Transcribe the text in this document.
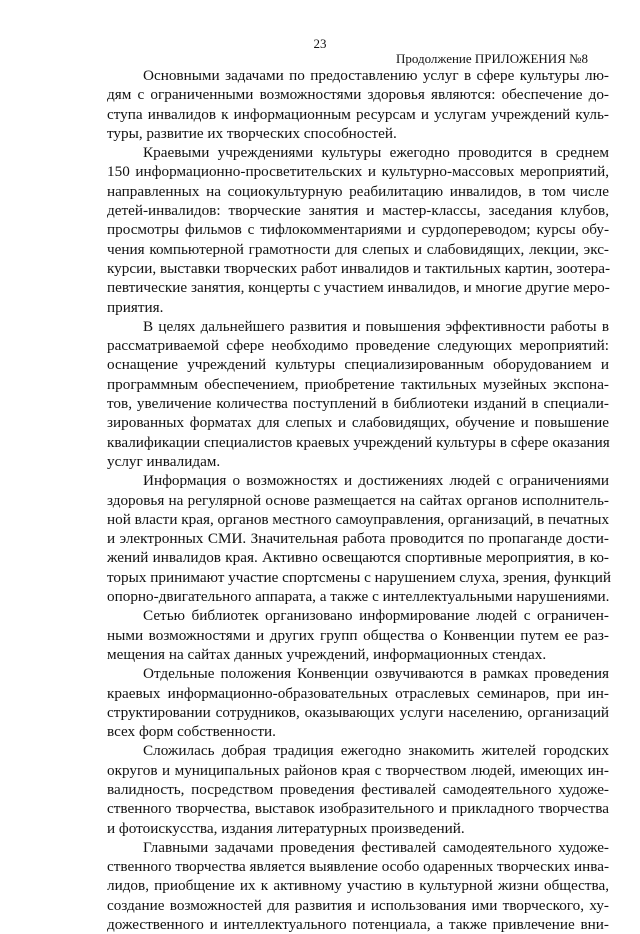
23
Продолжение ПРИЛОЖЕНИЯ №8
Основными задачами по предоставлению услуг в сфере культуры лю-
дям с ограниченными возможностями здоровья являются: обеспечение до-
ступа инвалидов к информационным ресурсам и услугам учреждений куль-
туры, развитие их творческих способностей.
Краевыми учреждениями культуры ежегодно проводится в среднем
150 информационно-просветительских и культурно-массовых мероприятий,
направленных на социокультурную реабилитацию инвалидов, в том числе
детей-инвалидов: творческие занятия и мастер-классы, заседания клубов,
просмотры фильмов с тифлокомментариями и сурдопереводом; курсы обу-
чения компьютерной грамотности для слепых и слабовидящих, лекции, экс-
курсии, выставки творческих работ инвалидов и тактильных картин, зоотера-
певтические занятия, концерты с участием инвалидов, и многие другие меро-
приятия.
В целях дальнейшего развития и повышения эффективности работы в
рассматриваемой сфере необходимо проведение следующих мероприятий:
оснащение учреждений культуры специализированным оборудованием и
программным обеспечением, приобретение тактильных музейных экспона-
тов, увеличение количества поступлений в библиотеки изданий в специали-
зированных форматах для слепых и слабовидящих, обучение и повышение
квалификации специалистов краевых учреждений культуры в сфере оказания
услуг инвалидам.
Информация о возможностях и достижениях людей с ограничениями
здоровья на регулярной основе размещается на сайтах органов исполнитель-
ной власти края, органов местного самоуправления, организаций, в печатных
и электронных СМИ. Значительная работа проводится по пропаганде дости-
жений инвалидов края. Активно освещаются спортивные мероприятия, в ко-
торых принимают участие спортсмены с нарушением слуха, зрения, функций
опорно-двигательного аппарата, а также с интеллектуальными нарушениями.
Сетью библиотек организовано информирование людей с ограничен-
ными возможностями и других групп общества о Конвенции путем ее раз-
мещения на сайтах данных учреждений, информационных стендах.
Отдельные положения Конвенции озвучиваются в рамках проведения
краевых информационно-образовательных отраслевых семинаров, при ин-
структировании сотрудников, оказывающих услуги населению, организаций
всех форм собственности.
Сложилась добрая традиция ежегодно знакомить жителей городских
округов и муниципальных районов края с творчеством людей, имеющих ин-
валидность, посредством проведения фестивалей самодеятельного художе-
ственного творчества, выставок изобразительного и прикладного творчества
и фотоискусства, издания литературных произведений.
Главными задачами проведения фестивалей самодеятельного художе-
ственного творчества является выявление особо одаренных творческих инва-
лидов, приобщение их к активному участию в культурной жизни общества,
создание возможностей для развития и использования ими творческого, ху-
дожественного и интеллектуального потенциала, а также привлечение вни-
